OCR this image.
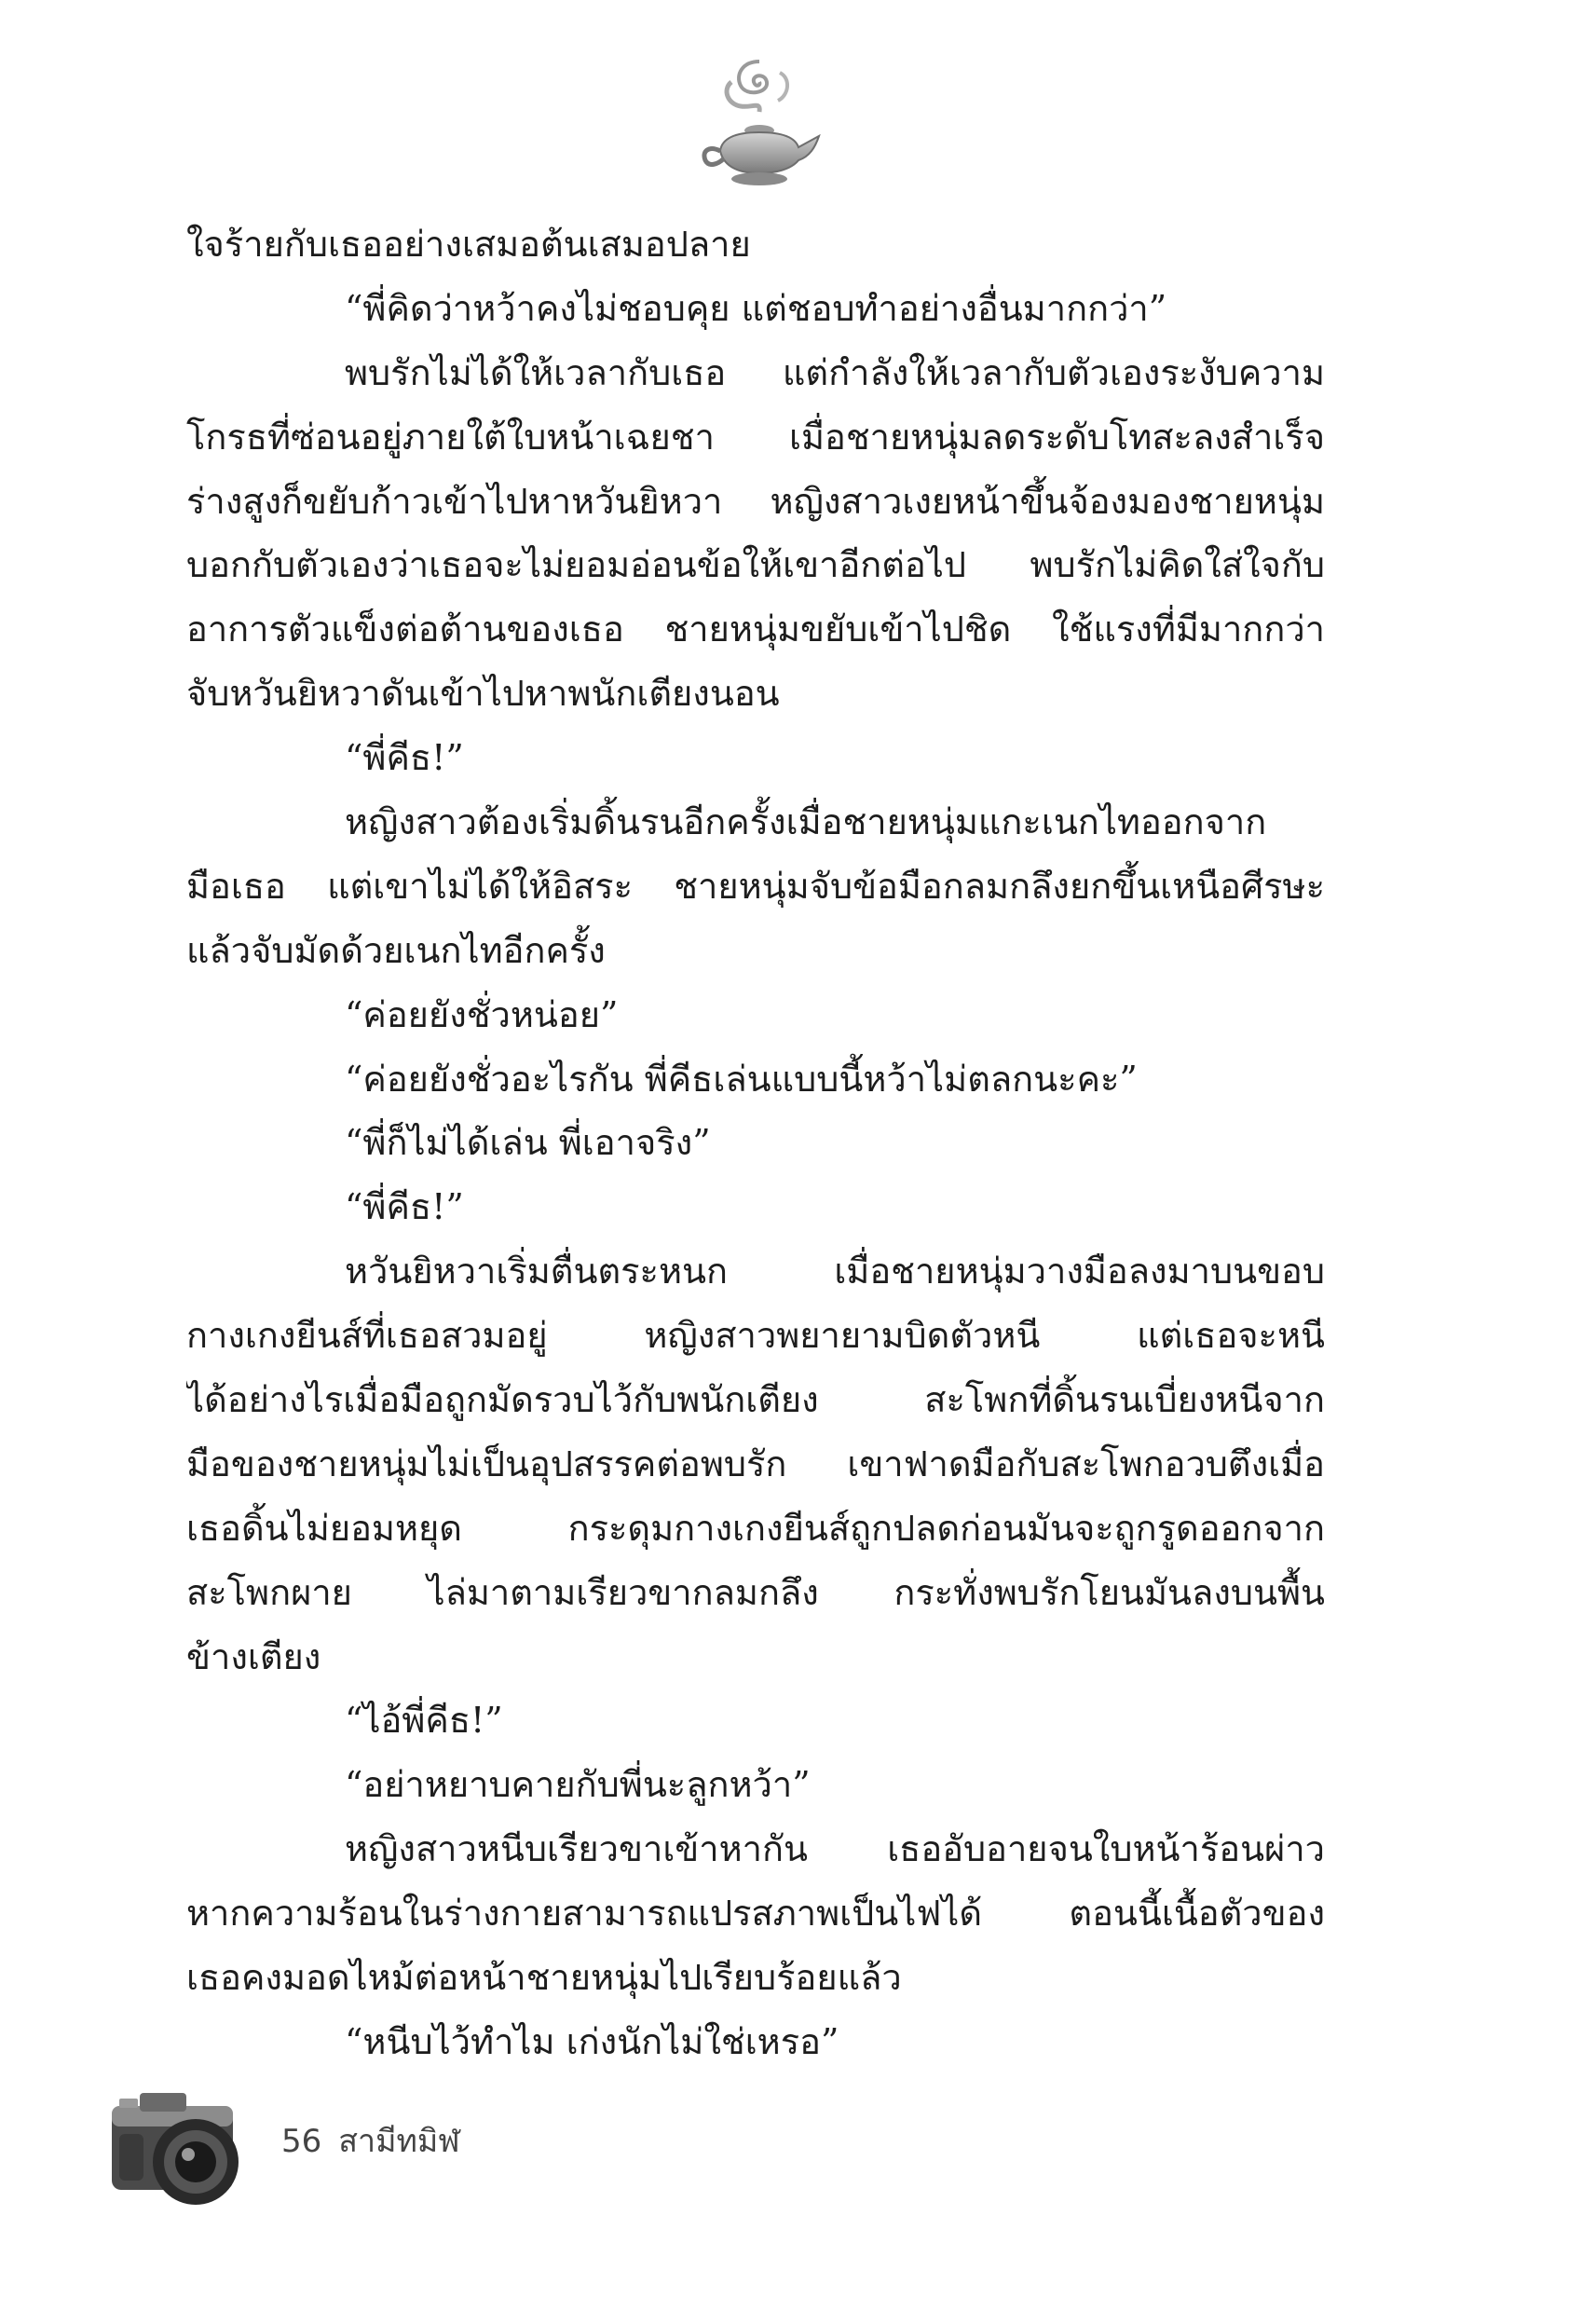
ใจร้ายกับเธออย่างเสมอต้นเสมอปลาย
“พี่คิดว่าหว้าคงไม่ชอบคุย แต่ชอบทำอย่างอื่นมากกว่า”
พบรักไม่ได้ให้เวลากับเธอ แต่กำลังให้เวลากับตัวเองระงับความ
โกรธที่ซ่อนอยู่ภายใต้ใบหน้าเฉยชา เมื่อชายหนุ่มลดระดับโทสะลงสำเร็จ
ร่างสูงก็ขยับก้าวเข้าไปหาหวันยิหวา หญิงสาวเงยหน้าขึ้นจ้องมองชายหนุ่ม
บอกกับตัวเองว่าเธอจะไม่ยอมอ่อนข้อให้เขาอีกต่อไป พบรักไม่คิดใส่ใจกับ
อาการตัวแข็งต่อต้านของเธอ ชายหนุ่มขยับเข้าไปชิด ใช้แรงที่มีมากกว่า
จับหวันยิหวาดันเข้าไปหาพนักเตียงนอน
“พี่คีธ!”
หญิงสาวต้องเริ่มดิ้นรนอีกครั้งเมื่อชายหนุ่มแกะเนกไทออกจาก
มือเธอ แต่เขาไม่ได้ให้อิสระ ชายหนุ่มจับข้อมือกลมกลึงยกขึ้นเหนือศีรษะ
แล้วจับมัดด้วยเนกไทอีกครั้ง
“ค่อยยังชั่วหน่อย”
“ค่อยยังชั่วอะไรกัน พี่คีธเล่นแบบนี้หว้าไม่ตลกนะคะ”
“พี่ก็ไม่ได้เล่น พี่เอาจริง”
“พี่คีธ!”
หวันยิหวาเริ่มตื่นตระหนก เมื่อชายหนุ่มวางมือลงมาบนขอบ
กางเกงยีนส์ที่เธอสวมอยู่ หญิงสาวพยายามบิดตัวหนี แต่เธอจะหนี
ได้อย่างไรเมื่อมือถูกมัดรวบไว้กับพนักเตียง สะโพกที่ดิ้นรนเบี่ยงหนีจาก
มือของชายหนุ่มไม่เป็นอุปสรรคต่อพบรัก เขาฟาดมือกับสะโพกอวบตึงเมื่อ
เธอดิ้นไม่ยอมหยุด กระดุมกางเกงยีนส์ถูกปลดก่อนมันจะถูกรูดออกจาก
สะโพกผาย ไล่มาตามเรียวขากลมกลึง กระทั่งพบรักโยนมันลงบนพื้น
ข้างเตียง
“ไอ้พี่คีธ!”
“อย่าหยาบคายกับพี่นะลูกหว้า”
หญิงสาวหนีบเรียวขาเข้าหากัน เธออับอายจนใบหน้าร้อนผ่าว
หากความร้อนในร่างกายสามารถแปรสภาพเป็นไฟได้ ตอนนี้เนื้อตัวของ
เธอคงมอดไหม้ต่อหน้าชายหนุ่มไปเรียบร้อยแล้ว
“หนีบไว้ทำไม เก่งนักไม่ใช่เหรอ”
56 สามีทมิฬ
